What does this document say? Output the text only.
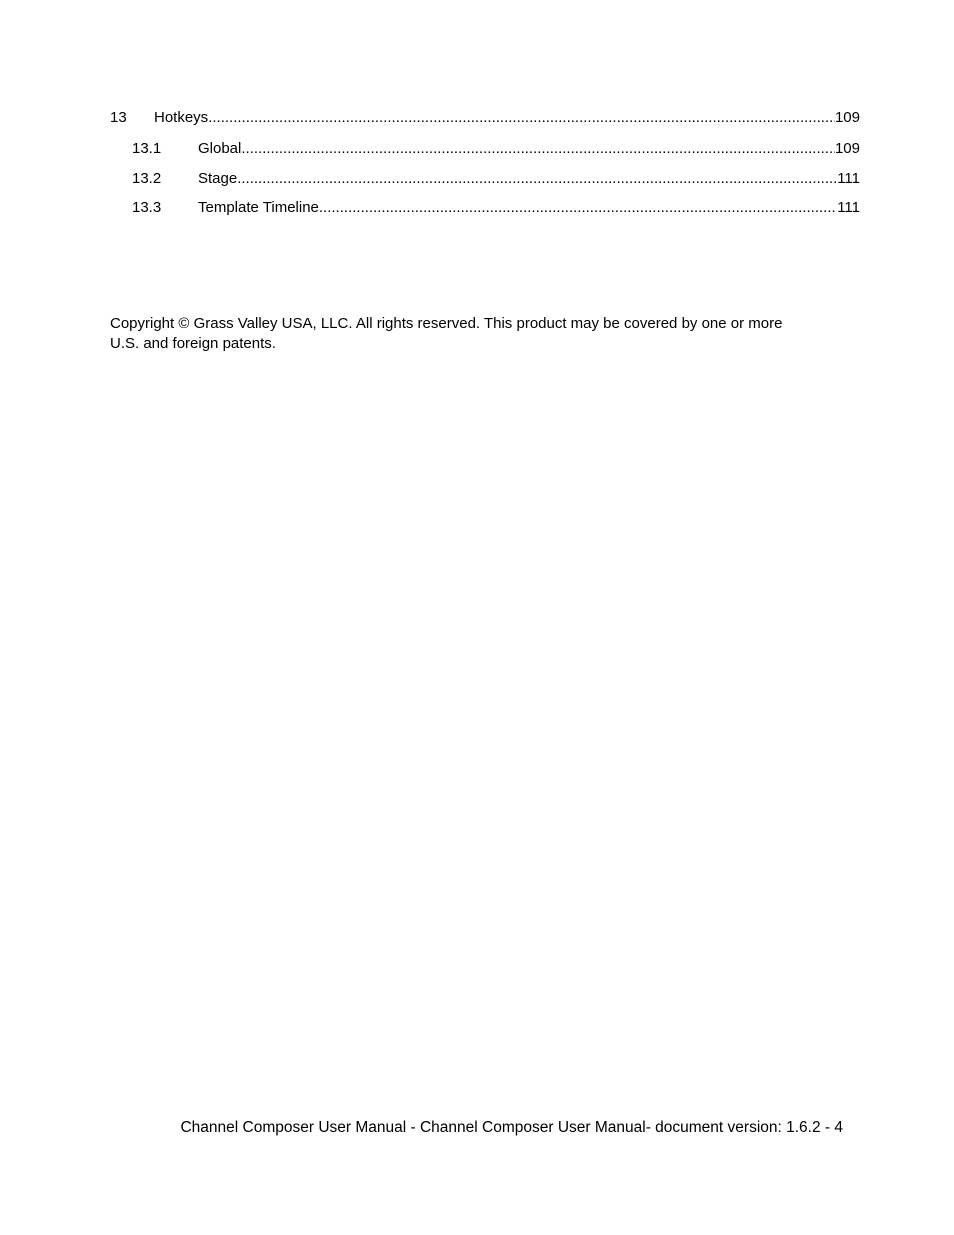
13 Hotkeys .....	109
13.1 Global .....	109
13.2 Stage .....	111
13.3 Template Timeline .....	111
Copyright © Grass Valley USA, LLC. All rights reserved. This product may be covered by one or more
U.S. and foreign patents.
Channel Composer User Manual - Channel Composer User Manual- document version: 1.6.2 - 4
